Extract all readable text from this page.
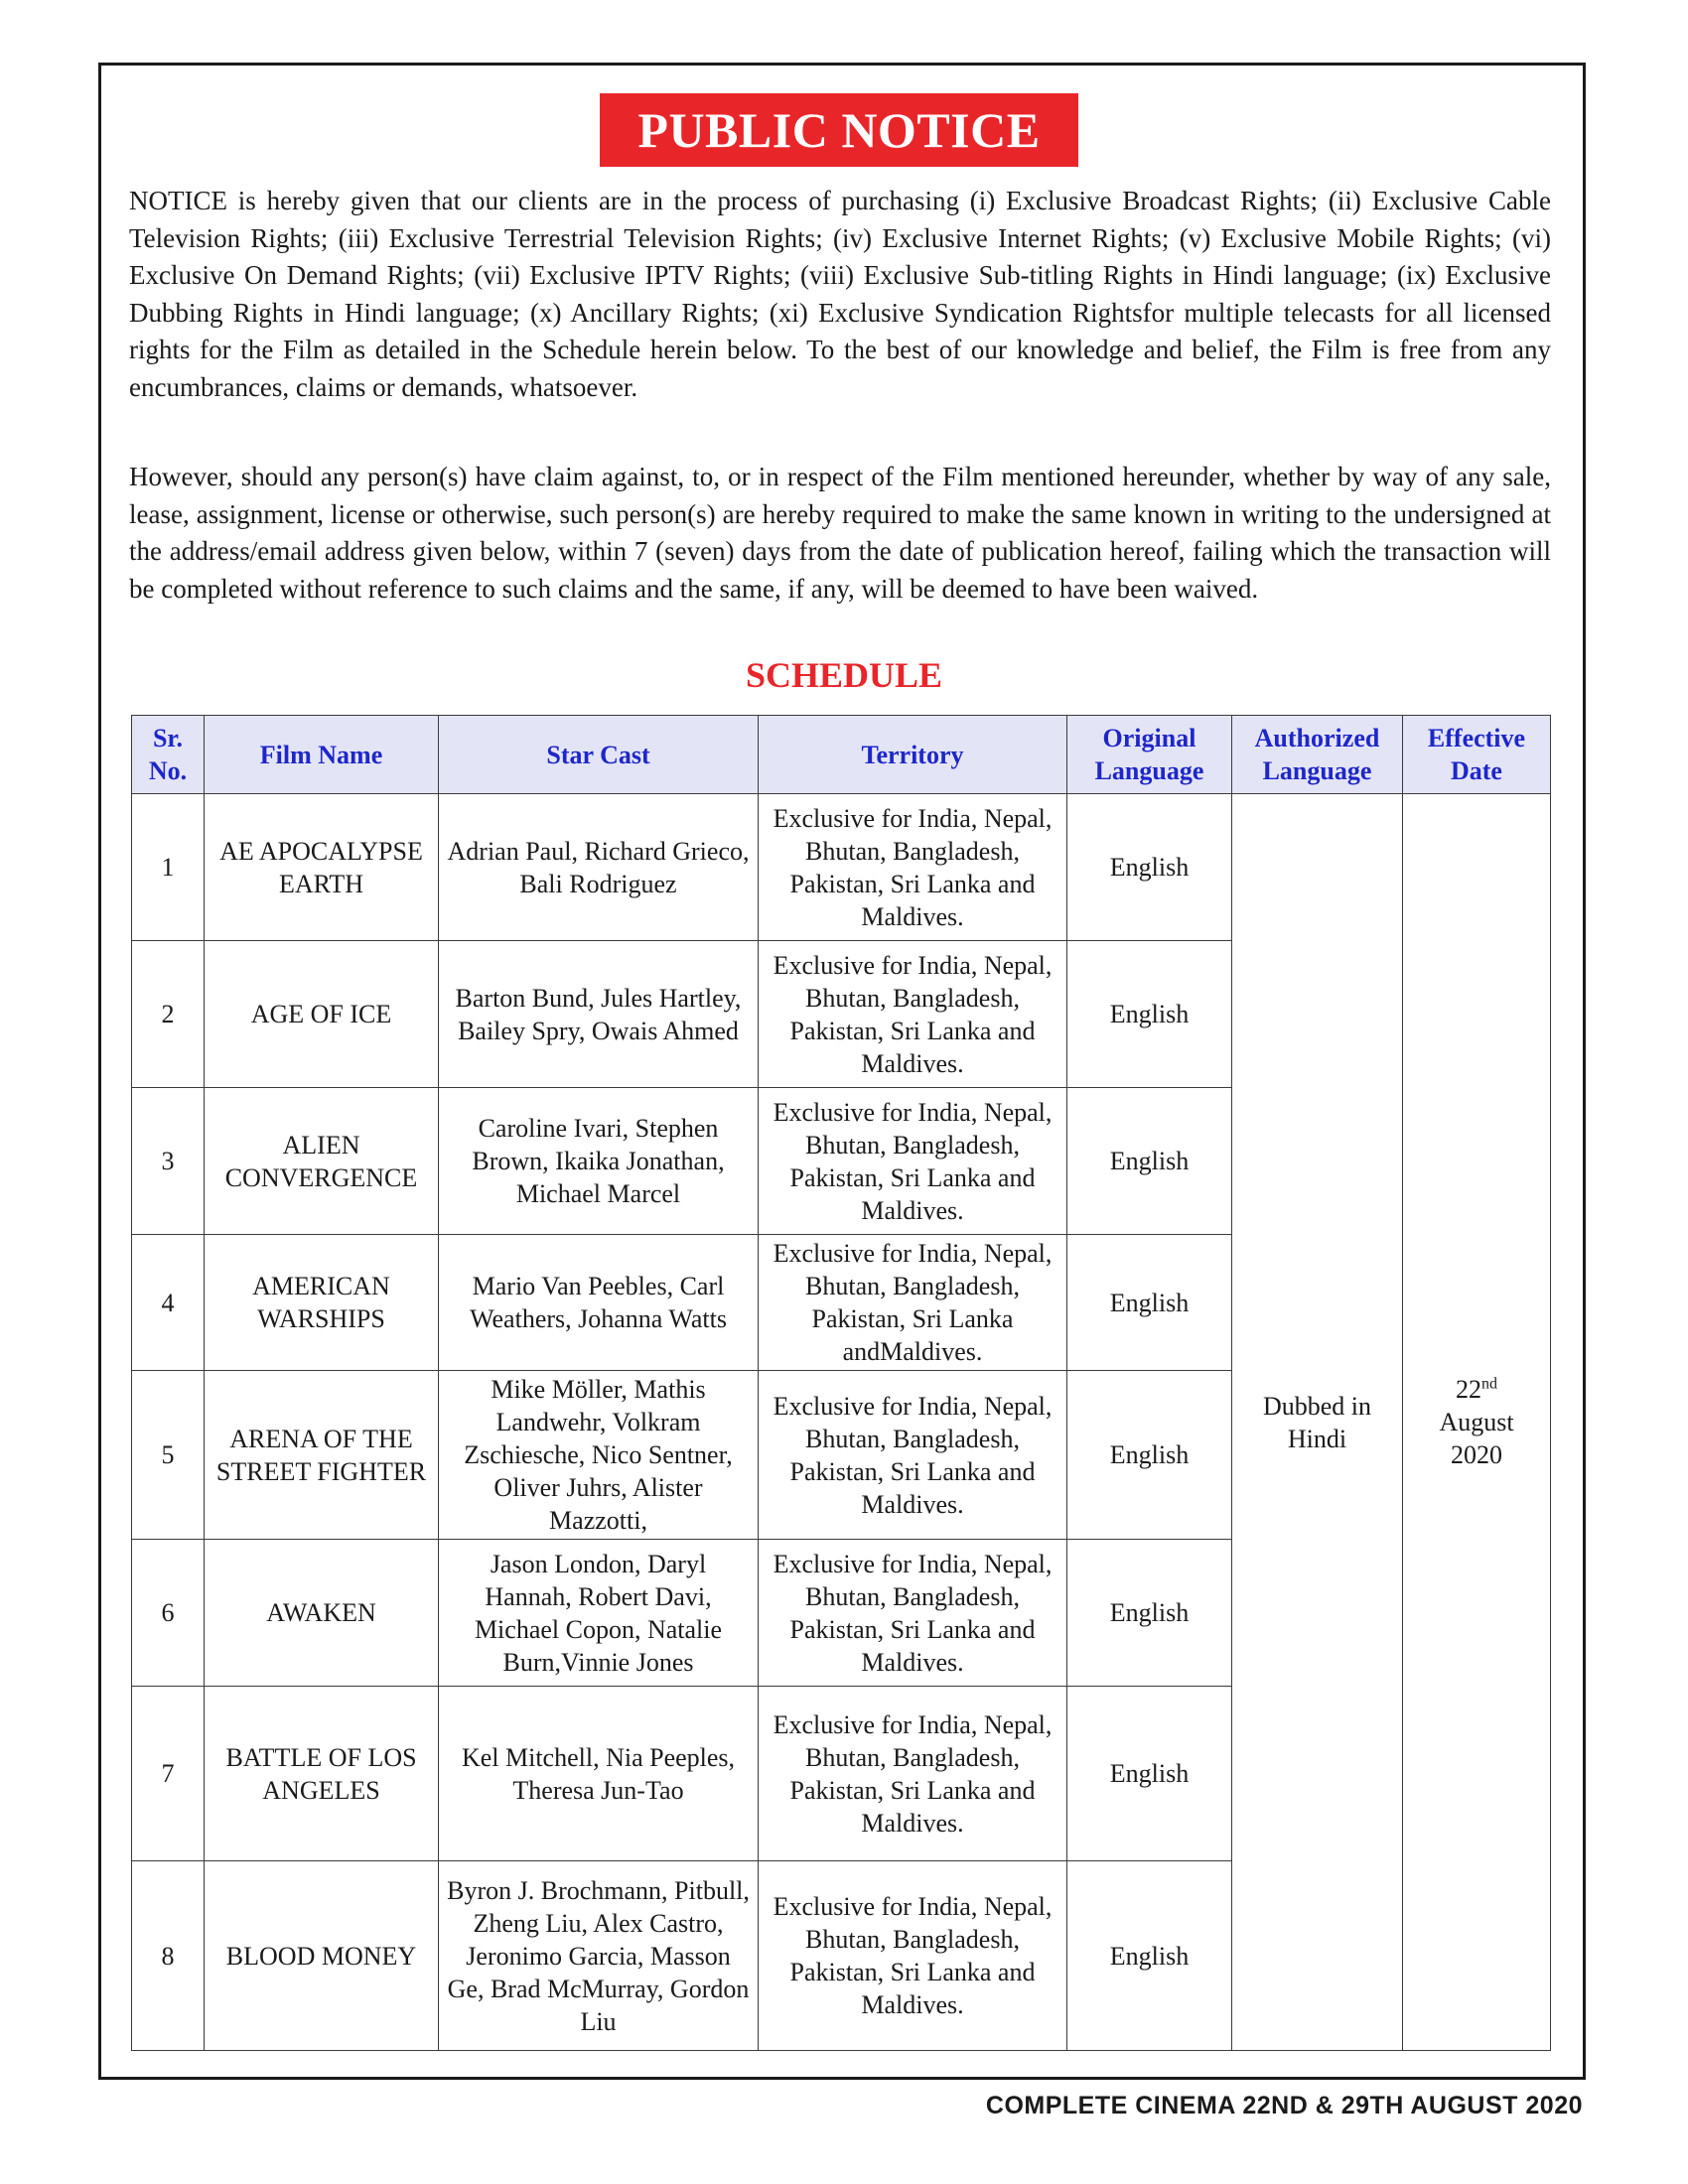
PUBLIC NOTICE

NOTICE is hereby given that our clients are in the process of purchasing (i) Exclusive Broadcast Rights; (ii) Exclusive Cable Television Rights; (iii) Exclusive Terrestrial Television Rights; (iv) Exclusive Internet Rights; (v) Exclusive Mobile Rights; (vi) Exclusive On Demand Rights; (vii) Exclusive IPTV Rights; (viii) Exclusive Sub-titling Rights in Hindi language; (ix) Exclusive Dubbing Rights in Hindi language; (x) Ancillary Rights; (xi) Exclusive Syndication Rightsfor multiple telecasts for all licensed rights for the Film as detailed in the Schedule herein below. To the best of our knowledge and belief, the Film is free from any encumbrances, claims or demands, whatsoever.

However, should any person(s) have claim against, to, or in respect of the Film mentioned hereunder, whether by way of any sale, lease, assignment, license or otherwise, such person(s) are hereby required to make the same known in writing to the undersigned at the address/email address given below, within 7 (seven) days from the date of publication hereof, failing which the transaction will be completed without reference to such claims and the same, if any, will be deemed to have been waived.

SCHEDULE
Sr. No.	Film Name	Star Cast	Territory	Original Language	Authorized Language	Effective Date
1	AE APOCALYPSE EARTH	Adrian Paul, Richard Grieco, Bali Rodriguez	Exclusive for India, Nepal, Bhutan, Bangladesh, Pakistan, Sri Lanka and Maldives.	English	Dubbed in Hindi	22nd
August
2020
2	AGE OF ICE	Barton Bund, Jules Hartley, Bailey Spry, Owais Ahmed	Exclusive for India, Nepal, Bhutan, Bangladesh, Pakistan, Sri Lanka and Maldives.	English		
3	ALIEN CONVERGENCE	Caroline Ivari, Stephen Brown, Ikaika Jonathan, Michael Marcel	Exclusive for India, Nepal, Bhutan, Bangladesh, Pakistan, Sri Lanka and Maldives.	English		
4	AMERICAN WARSHIPS	Mario Van Peebles, Carl Weathers, Johanna Watts	Exclusive for India, Nepal, Bhutan, Bangladesh, Pakistan, Sri Lanka andMaldives.	English		
5	ARENA OF THE STREET FIGHTER	Mike Möller, Mathis Landwehr, Volkram Zschiesche, Nico Sentner, Oliver Juhrs, Alister Mazzotti,	Exclusive for India, Nepal, Bhutan, Bangladesh, Pakistan, Sri Lanka and Maldives.	English		
6	AWAKEN	Jason London, Daryl Hannah, Robert Davi, Michael Copon, Natalie Burn,Vinnie Jones	Exclusive for India, Nepal, Bhutan, Bangladesh, Pakistan, Sri Lanka and Maldives.	English		
7	BATTLE OF LOS ANGELES	Kel Mitchell, Nia Peeples, Theresa Jun-Tao	Exclusive for India, Nepal, Bhutan, Bangladesh, Pakistan, Sri Lanka and Maldives.	English		
8	BLOOD MONEY	Byron J. Brochmann, Pitbull, Zheng Liu, Alex Castro, Jeronimo Garcia, Masson Ge, Brad McMurray, Gordon Liu	Exclusive for India, Nepal, Bhutan, Bangladesh, Pakistan, Sri Lanka and Maldives.	English		
COMPLETE CINEMA 22ND & 29TH AUGUST 2020
